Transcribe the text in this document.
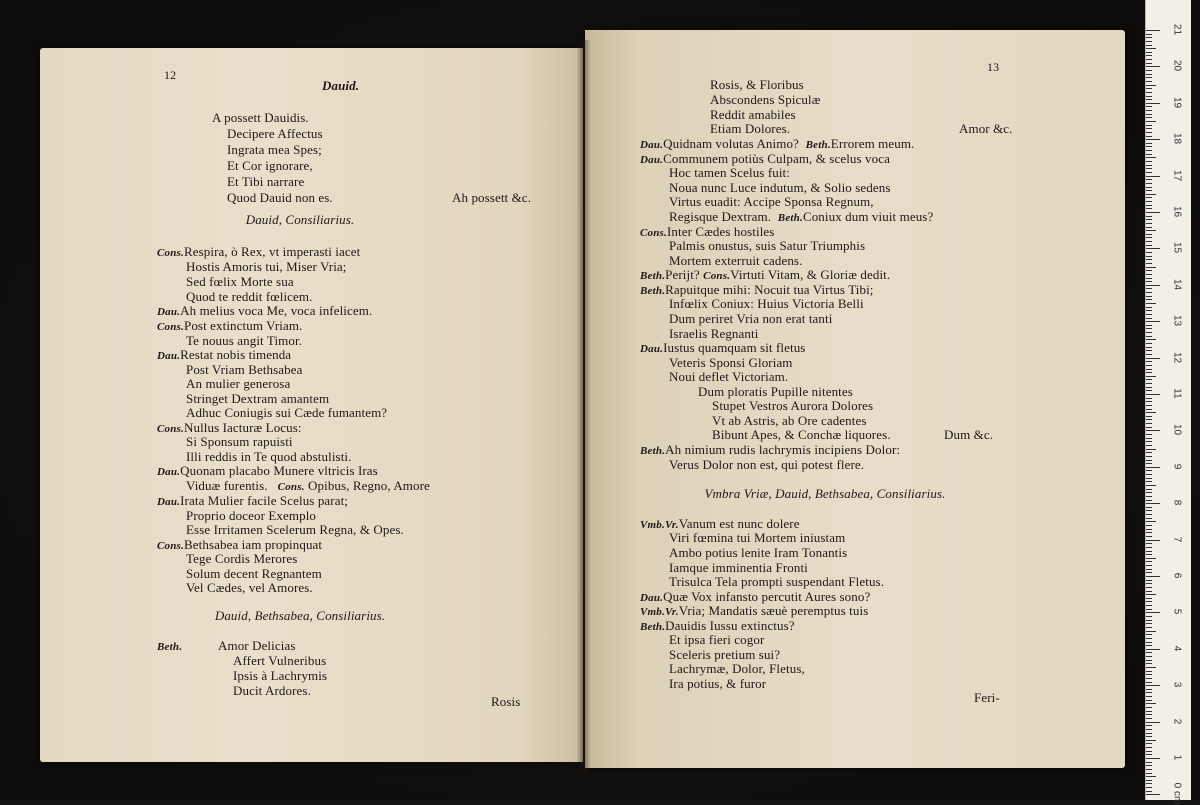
12
Dauid.
A possett Dauidis.
Decipere Affectus
Ingrata mea Spes;
Et Cor ignorare,
Et Tibi narrare
Quod Dauid non es.	Ah possett &c.
Dauid, Consiliarius.
Cons.Respira, ò Rex, vt imperasti iacet
Hostis Amoris tui, Miser Vria;
Sed fœlix Morte sua
Quod te reddit fœlicem.
Dau.Ah melius voca Me, voca infelicem.
Cons.Post extinctum Vriam.
Te nouus angit Timor.
Dau.Restat nobis timenda
Post Vriam Bethsabea
An mulier generosa
Stringet Dextram amantem
Adhuc Coniugis sui Cæde fumantem?
Cons.Nullus Iacturæ Locus:
Si Sponsum rapuisti
Illi reddis in Te quod abstulisti.
Dau.Quonam placabo Munere vltricis Iras
Viduæ furentis. Cons. Opibus, Regno, Amore
Dau.Irata Mulier facile Scelus parat;
Proprio doceor Exemplo
Esse Irritamen Scelerum Regna, & Opes.
Cons.Bethsabea iam propinquat
Tege Cordis Merores
Solum decent Regnantem
Vel Cædes, vel Amores.
Dauid, Bethsabea, Consiliarius.
Beth.	Amor Delicias
Affert Vulneribus
Ipsis à Lachrymis
Ducit Ardores.
Rosis
13
Rosis, & Floribus
Abscondens Spiculæ
Reddit amabiles
Etiam Dolores.	Amor &c.
Dau.Quidnam volutas Animo? Beth.Errorem meum.
Dau.Communem potiùs Culpam, & scelus voca
Hoc tamen Scelus fuit:
Noua nunc Luce indutum, & Solio sedens
Virtus euadit: Accipe Sponsa Regnum,
Regisque Dextram. Beth.Coniux dum viuit meus?
Cons.Inter Cædes hostiles
Palmis onustus, suis Satur Triumphis
Mortem exterruit cadens.
Beth.Perijt? Cons.Virtuti Vitam, & Gloriæ dedit.
Beth.Rapuitque mihi: Nocuit tua Virtus Tibi;
Infœlix Coniux: Huius Victoria Belli
Dum periret Vria non erat tanti
Israelis Regnanti
Dau.Iustus quamquam sit fletus
Veteris Sponsi Gloriam
Noui deflet Victoriam.
Dum ploratis Pupille nitentes
Stupet Vestros Aurora Dolores
Vt ab Astris, ab Ore cadentes
Bibunt Apes, & Conchæ liquores.	Dum &c.
Beth.Ah nimium rudis lachrymis incipiens Dolor:
Verus Dolor non est, qui potest flere.
Vmbra Vriæ, Dauid, Bethsabea, Consiliarius.
Vmb.Vr.Vanum est nunc dolere
Viri fœmina tui Mortem iniustam
Ambo potius lenite Iram Tonantis
Iamque imminentia Fronti
Trisulca Tela prompti suspendant Fletus.
Dau.Quæ Vox infansto percutit Aures sono?
Vmb.Vr.Vria; Mandatis sæuè peremptus tuis
Beth.Dauidis Iussu extinctus?
Et ipsa fieri cogor
Sceleris pretium sui?
Lachrymæ, Dolor, Fletus,
Ira potius, & furor
Feri-
21
20
19
18
17
16
15
14
13
12
11
10
9
8
7
6
5
4
3
2
1
0 cm
